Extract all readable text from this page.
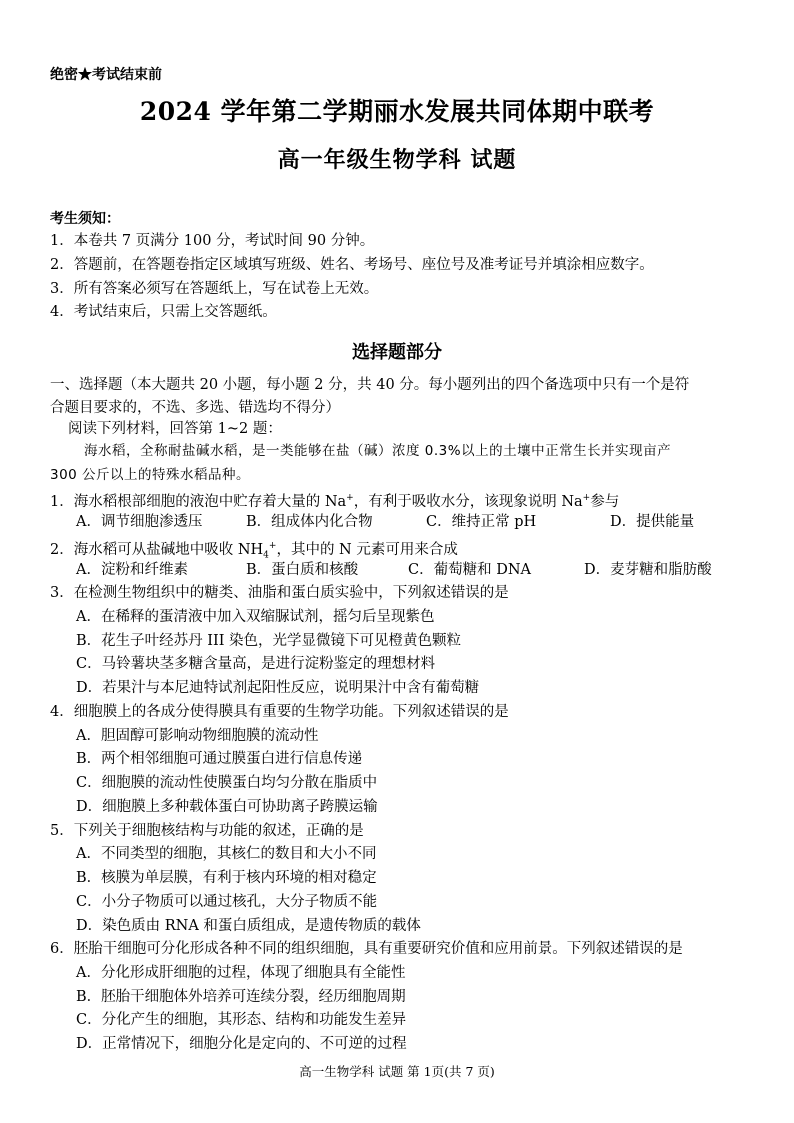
绝密★考试结束前
2024 学年第二学期丽水发展共同体期中联考
高一年级生物学科 试题
考生须知：
1．本卷共 7 页满分 100 分，考试时间 90 分钟。
2．答题前，在答题卷指定区域填写班级、姓名、考场号、座位号及准考证号并填涂相应数字。
3．所有答案必须写在答题纸上，写在试卷上无效。
4．考试结束后，只需上交答题纸。
选择题部分
一、选择题（本大题共 20 小题，每小题 2 分，共 40 分。每小题列出的四个备选项中只有一个是符
合题目要求的，不选、多选、错选均不得分）
阅读下列材料，回答第 1~2 题：
海水稻，全称耐盐碱水稻，是一类能够在盐（碱）浓度 0.3%以上的土壤中正常生长并实现亩产
300 公斤以上的特殊水稻品种。
1．海水稻根部细胞的液泡中贮存着大量的 Na+，有利于吸收水分，该现象说明 Na+参与
A．调节细胞渗透压	B．组成体内化合物	C．维持正常 pH	D．提供能量
2．海水稻可从盐碱地中吸收 $NH_4^+$，其中的 N 元素可用来合成
A．淀粉和纤维素	B．蛋白质和核酸	C．葡萄糖和 DNA	D．麦芽糖和脂肪酸
3．在检测生物组织中的糖类、油脂和蛋白质实验中，下列叙述错误的是
A．在稀释的蛋清液中加入双缩脲试剂，摇匀后呈现紫色
B．花生子叶经苏丹 III 染色，光学显微镜下可见橙黄色颗粒
C．马铃薯块茎多糖含量高，是进行淀粉鉴定的理想材料
D．若果汁与本尼迪特试剂起阳性反应，说明果汁中含有葡萄糖
4．细胞膜上的各成分使得膜具有重要的生物学功能。下列叙述错误的是
A．胆固醇可影响动物细胞膜的流动性
B．两个相邻细胞可通过膜蛋白进行信息传递
C．细胞膜的流动性使膜蛋白均匀分散在脂质中
D．细胞膜上多种载体蛋白可协助离子跨膜运输
5．下列关于细胞核结构与功能的叙述，正确的是
A．不同类型的细胞，其核仁的数目和大小不同
B．核膜为单层膜，有利于核内环境的相对稳定
C．小分子物质可以通过核孔，大分子物质不能
D．染色质由 RNA 和蛋白质组成，是遗传物质的载体
6．胚胎干细胞可分化形成各种不同的组织细胞，具有重要研究价值和应用前景。下列叙述错误的是
A．分化形成肝细胞的过程，体现了细胞具有全能性
B．胚胎干细胞体外培养可连续分裂，经历细胞周期
C．分化产生的细胞，其形态、结构和功能发生差异
D．正常情况下，细胞分化是定向的、不可逆的过程
高一生物学科 试题 第 1页(共 7 页)
